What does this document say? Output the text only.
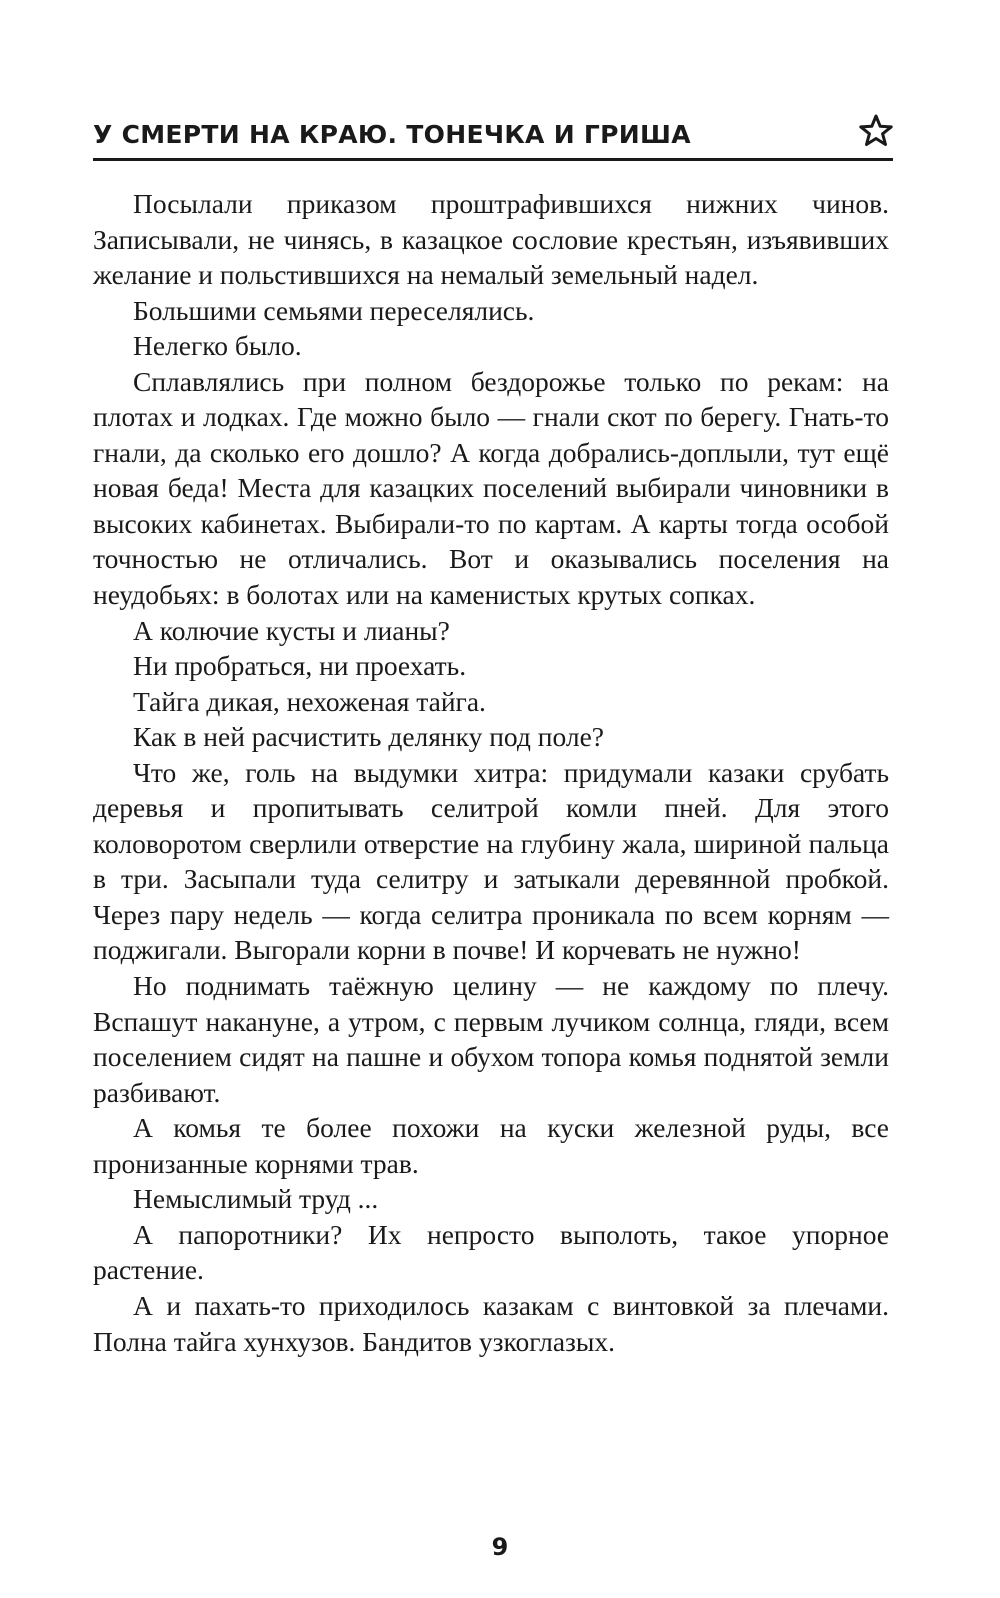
У СМЕРТИ НА КРАЮ. ТОНЕЧКА И ГРИША

Посылали приказом проштрафившихся нижних чинов. Записывали, не чинясь, в казацкое сословие крестьян, изъявивших желание и польстившихся на немалый земельный надел.

Большими семьями переселялись.

Нелегко было.

Сплавлялись при полном бездорожье только по рекам: на плотах и лодках. Где можно было — гнали скот по берегу. Гнать-то гнали, да сколько его дошло? А когда добрались-доплыли, тут ещё новая беда! Места для казацких поселений выбирали чиновники в высоких кабинетах. Выбирали-то по картам. А карты тогда особой точностью не отличались. Вот и оказывались поселения на неудобьях: в болотах или на каменистых крутых сопках.

А колючие кусты и лианы?

Ни пробраться, ни проехать.

Тайга дикая, нехоженая тайга.

Как в ней расчистить делянку под поле?

Что же, голь на выдумки хитра: придумали казаки срубать деревья и пропитывать селитрой комли пней. Для этого коловоротом сверлили отверстие на глубину жала, шириной пальца в три. Засыпали туда селитру и затыкали деревянной пробкой. Через пару недель — когда селитра проникала по всем корням — поджигали. Выгорали корни в почве! И корчевать не нужно!

Но поднимать таёжную целину — не каждому по плечу. Вспашут накануне, а утром, с первым лучиком солнца, гляди, всем поселением сидят на пашне и обухом топора комья поднятой земли разбивают.

А комья те более похожи на куски железной руды, все пронизанные корнями трав.

Немыслимый труд ...

А папоротники? Их непросто выполоть, такое упорное растение.

А и пахать-то приходилось казакам с винтовкой за плечами. Полна тайга хунхузов. Бандитов узкоглазых.

9
